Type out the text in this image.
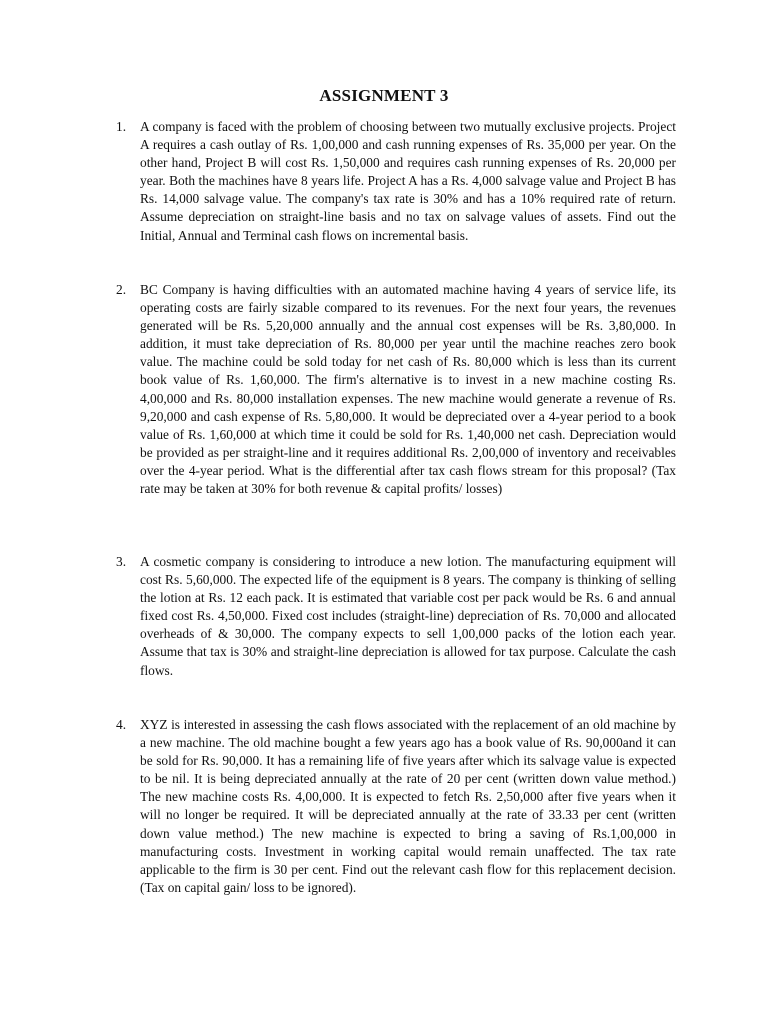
ASSIGNMENT 3
1.	A company is faced with the problem of choosing between two mutually exclusive projects. Project A requires a cash outlay of Rs. 1,00,000 and cash running expenses of Rs. 35,000 per year. On the other hand, Project B will cost Rs. 1,50,000 and requires cash running expenses of Rs. 20,000 per year. Both the machines have 8 years life. Project A has a Rs. 4,000 salvage value and Project B has Rs. 14,000 salvage value. The company's tax rate is 30% and has a 10% required rate of return. Assume depreciation on straight-line basis and no tax on salvage values of assets. Find out the Initial, Annual and Terminal cash flows on incremental basis.
2.	BC Company is having difficulties with an automated machine having 4 years of service life, its operating costs are fairly sizable compared to its revenues. For the next four years, the revenues generated will be Rs. 5,20,000 annually and the annual cost expenses will be Rs. 3,80,000. In addition, it must take depreciation of Rs. 80,000 per year until the machine reaches zero book value. The machine could be sold today for net cash of Rs. 80,000 which is less than its current book value of Rs. 1,60,000. The firm's alternative is to invest in a new machine costing Rs. 4,00,000 and Rs. 80,000 installation expenses. The new machine would generate a revenue of Rs. 9,20,000 and cash expense of Rs. 5,80,000. It would be depreciated over a 4-year period to a book value of Rs. 1,60,000 at which time it could be sold for Rs. 1,40,000 net cash. Depreciation would be provided as per straight-line and it requires additional Rs. 2,00,000 of inventory and receivables over the 4-year period. What is the differential after tax cash flows stream for this proposal? (Tax rate may be taken at 30% for both revenue & capital profits/ losses)
3.	A cosmetic company is considering to introduce a new lotion. The manufacturing equipment will cost Rs. 5,60,000. The expected life of the equipment is 8 years. The company is thinking of selling the lotion at Rs. 12 each pack. It is estimated that variable cost per pack would be Rs. 6 and annual fixed cost Rs. 4,50,000. Fixed cost includes (straight-line) depreciation of Rs. 70,000 and allocated overheads of & 30,000. The company expects to sell 1,00,000 packs of the lotion each year. Assume that tax is 30% and straight-line depreciation is allowed for tax purpose. Calculate the cash flows.
4.	XYZ is interested in assessing the cash flows associated with the replacement of an old machine by a new machine. The old machine bought a few years ago has a book value of Rs. 90,000and it can be sold for Rs. 90,000. It has a remaining life of five years after which its salvage value is expected to be nil. It is being depreciated annually at the rate of 20 per cent (written down value method.) The new machine costs Rs. 4,00,000. It is expected to fetch Rs. 2,50,000 after five years when it will no longer be required. It will be depreciated annually at the rate of 33.33 per cent (written down value method.) The new machine is expected to bring a saving of Rs.1,00,000 in manufacturing costs. Investment in working capital would remain unaffected. The tax rate applicable to the firm is 30 per cent. Find out the relevant cash flow for this replacement decision. (Tax on capital gain/ loss to be ignored).
